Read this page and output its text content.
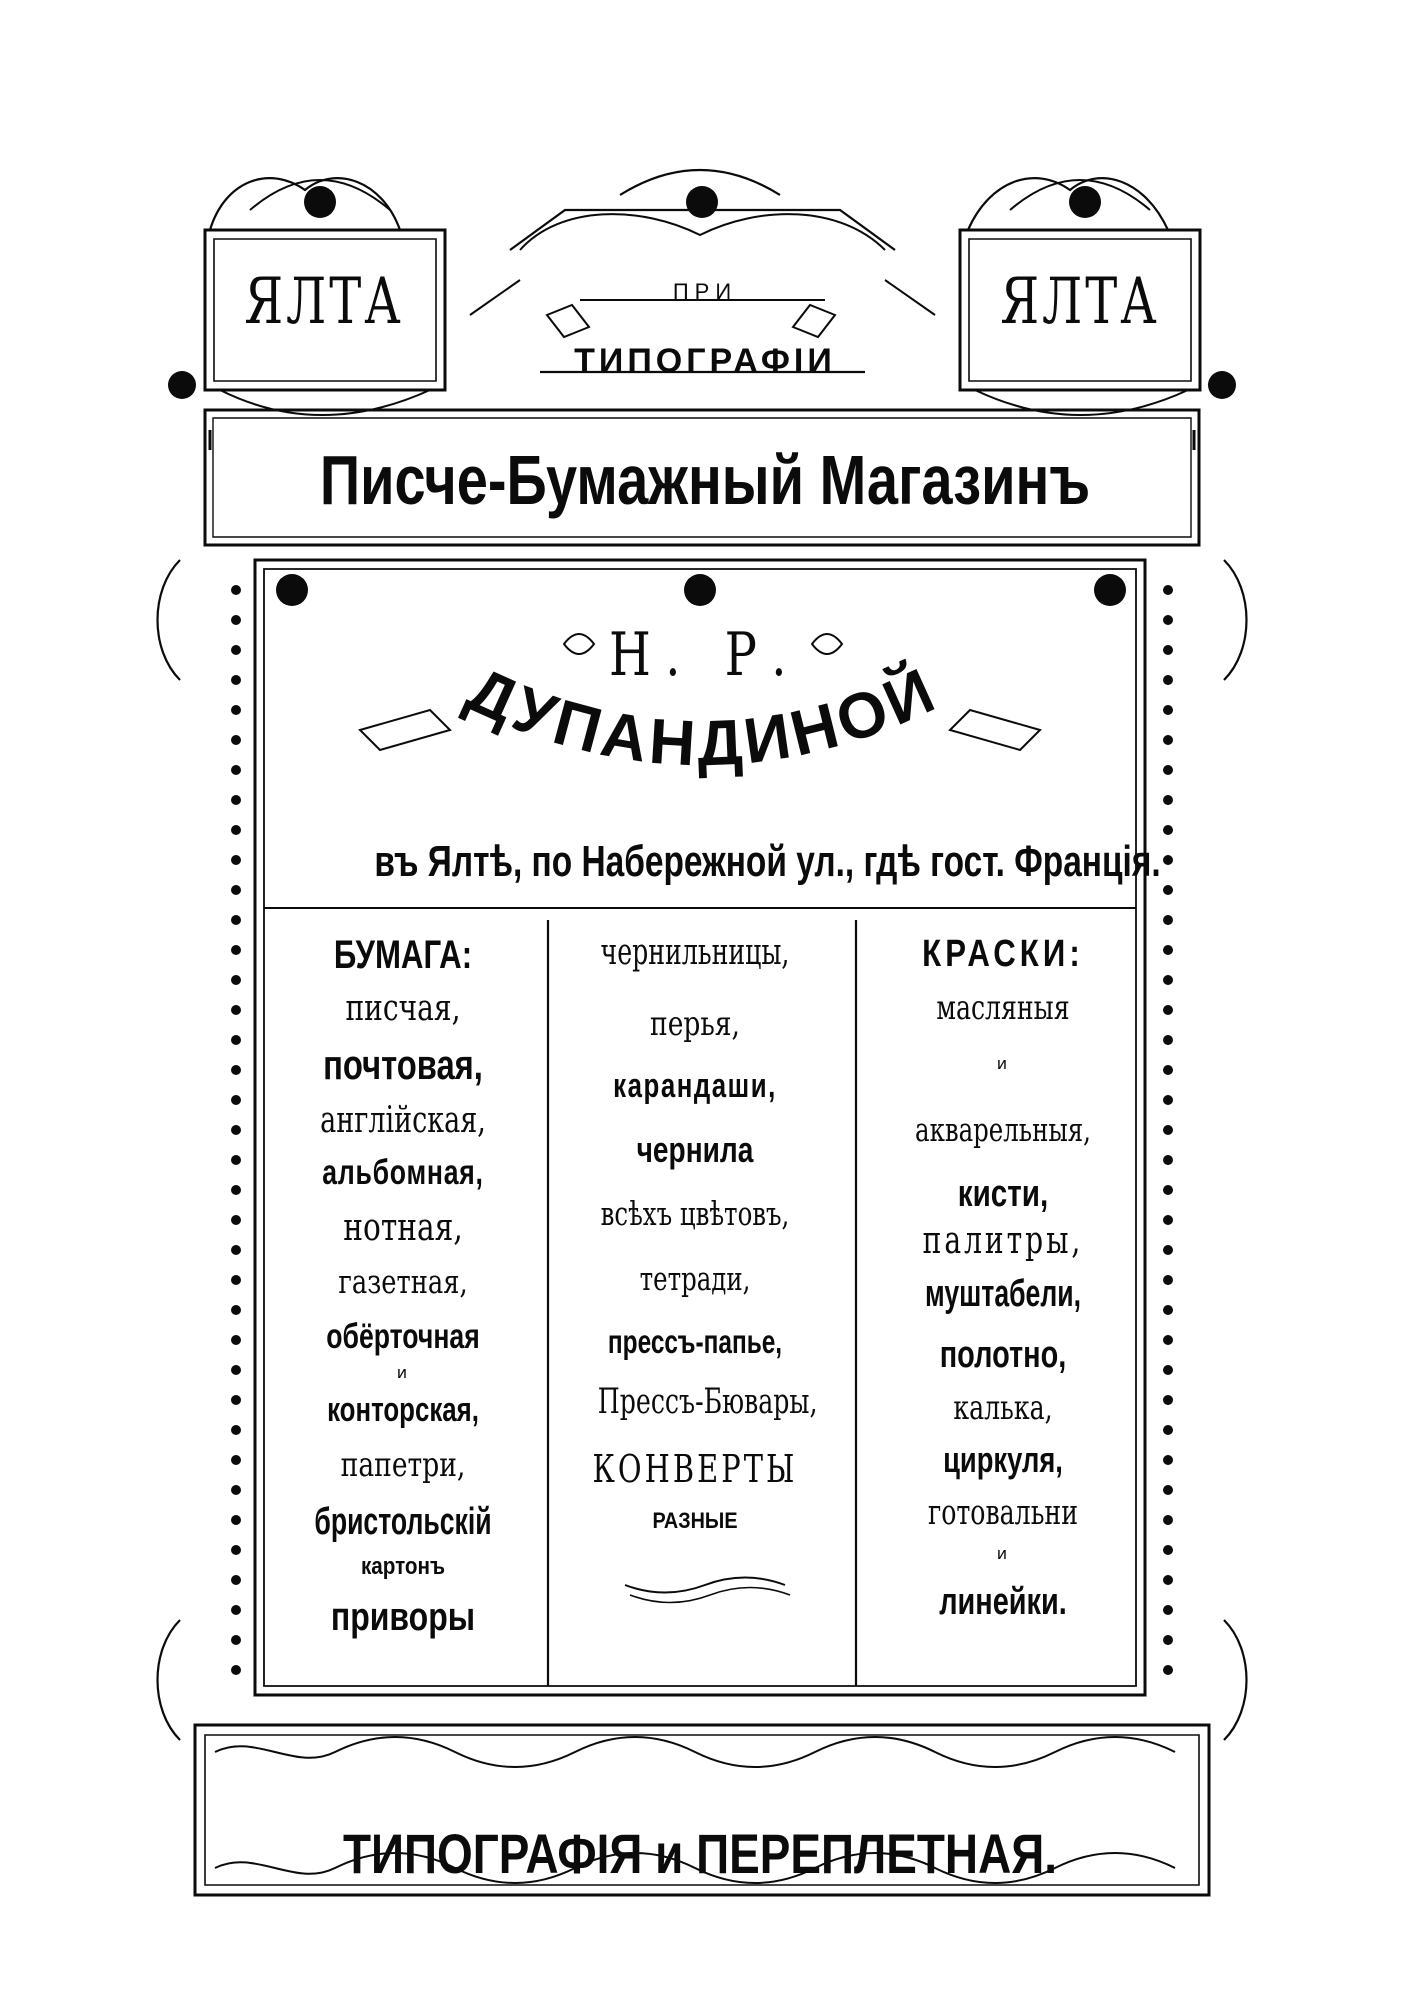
ЯЛТА	ЯЛТА
ПРИ
ТИПОГРАФІИ
Писче-Бумажный Магазинъ
Н. Р.
ДУПАНДИНОЙ
въ Ялтѣ, по Набережной ул., гдѣ гост. Франція.
БУМАГА:
писчая,
почтовая,
англійская,
альбомная,
нотная,
газетная,
обёрточная
и
конторская,
папетри,
бристольскій
картонъ
приворы
чернильницы,
перья,
карандаши,
чернила
всѣхъ цвѣтовъ,
тетради,
прессъ-папье,
Прессъ-Бювары,
КОНВЕРТЫ
РАЗНЫЕ
КРАСКИ:
масляныя
и
акварельныя,
кисти,
палитры,
муштабели,
полотно,
калька,
циркуля,
готовальни
и
линейки.
ТИПОГРАФІЯ и ПЕРЕПЛЕТНАЯ.
